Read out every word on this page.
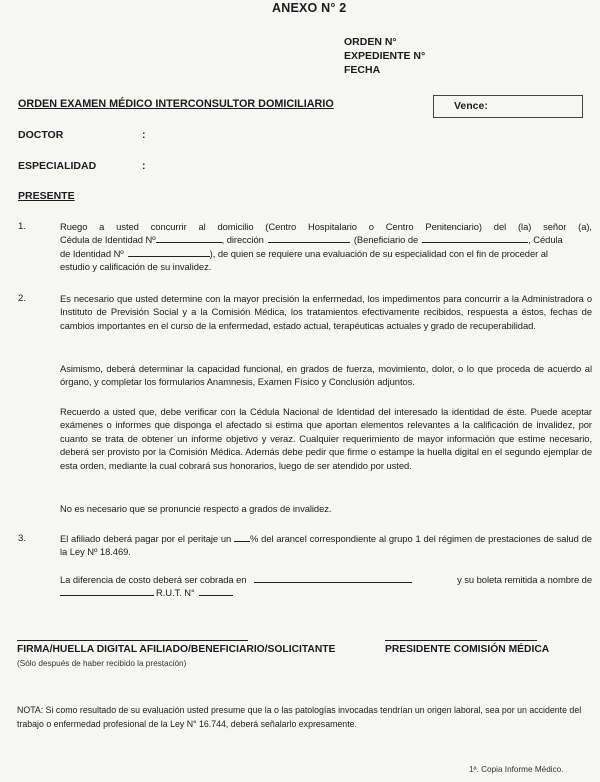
ANEXO N° 2
ORDEN N°
EXPEDIENTE N°
FECHA
ORDEN EXAMEN MÉDICO INTERCONSULTOR DOMICILIARIO	Vence:
DOCTOR	:
ESPECIALIDAD	:
PRESENTE
1.	Ruego a usted concurrir al domicilio (Centro Hospitalario o Centro Penitenciario) del (la) señor (a),
Cédula de Identidad Nº	, dirección	(Beneficiario de	, Cédula
de Identidad Nº	), de quien se requiere una evaluación de su especialidad con el fin de proceder al
estudio y calificación de su invalidez.
2.	Es necesario que usted determine con la mayor precisión la enfermedad, los impedimentos para concurrir a la Administradora o Instituto de Previsión Social y a la Comisión Médica, los tratamientos efectivamente recibidos, respuesta a éstos, fechas de cambios importantes en el curso de la enfermedad, estado actual, terapéuticas actuales y grado de recuperabilidad.
Asimismo, deberá determinar la capacidad funcional, en grados de fuerza, movimiento, dolor, o lo que proceda de acuerdo al órgano, y completar los formularios Anamnesis, Examen Físico y Conclusión adjuntos.
Recuerdo a usted que, debe verificar con la Cédula Nacional de Identidad del interesado la identidad de éste. Puede aceptar exámenes o informes que disponga el afectado si estima que aportan elementos relevantes a la calificación de invalidez, por cuanto se trata de obtener un informe objetivo y veraz. Cualquier requerimiento de mayor información que estime necesario, deberá ser provisto por la Comisión Médica. Además debe pedir que firme o estampe la huella digital en el segundo ejemplar de esta orden, mediante la cual cobrará sus honorarios, luego de ser atendido por usted.
No es necesario que se pronuncie respecto a grados de invalidez.
3.	El afiliado deberá pagar por el peritaje un % del arancel correspondiente al grupo 1 del régimen de prestaciones de salud de la Ley Nº 18.469.
La diferencia de costo deberá ser cobrada en	y su boleta remitida a nombre de
R.U.T. N°
FIRMA/HUELLA DIGITAL AFILIADO/BENEFICIARIO/SOLICITANTE
(Sólo después de haber recibido la prestación)
PRESIDENTE COMISIÓN MÉDICA
NOTA: Si como resultado de su evaluación usted presume que la o las patologías invocadas tendrían un origen laboral, sea por un accidente del trabajo o enfermedad profesional de la Ley N° 16.744, deberá señalarlo expresamente.
1ª. Copia Informe Médico.
